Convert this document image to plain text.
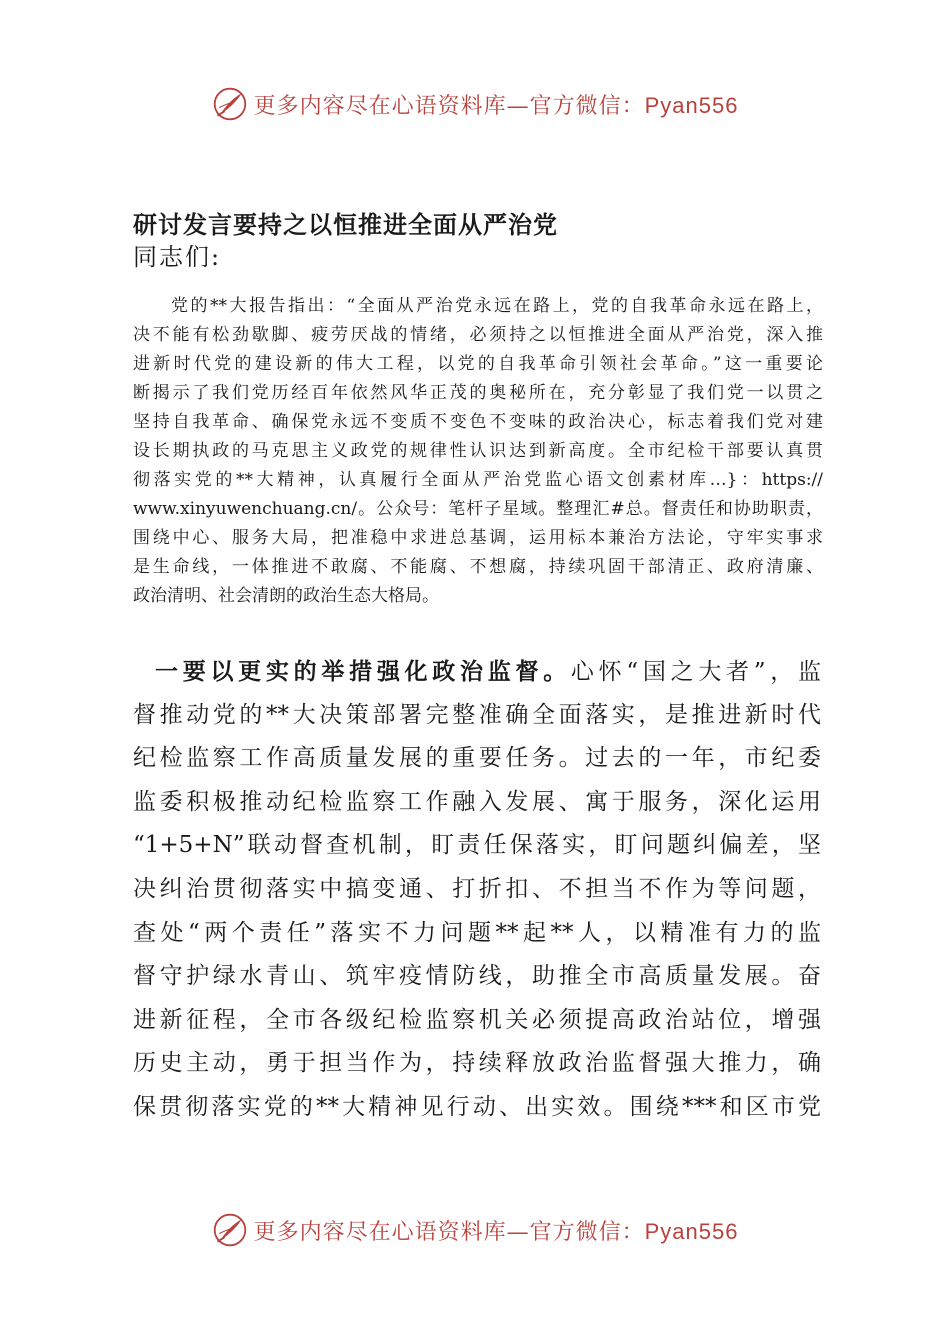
更多内容尽在心语资料库—官方微信：Pyan556
研讨发言要持之以恒推进全面从严治党
同志们:
党的**大报告指出：“全面从严治党永远在路上，党的自我革命永远在路上，
决不能有松劲歇脚、疲劳厌战的情绪，必须持之以恒推进全面从严治党，深入推
进新时代党的建设新的伟大工程，以党的自我革命引领社会革命。”这一重要论
断揭示了我们党历经百年依然风华正茂的奥秘所在，充分彰显了我们党一以贯之
坚持自我革命、确保党永远不变质不变色不变味的政治决心，标志着我们党对建
设长期执政的马克思主义政党的规律性认识达到新高度。全市纪检干部要认真贯
彻落实党的**大精神，认真履行全面从严治党监心语文创素材库…}：https://
www.xinyuwenchuang.cn/。公众号：笔杆子星域。整理汇#总。督责任和协助职责，
围绕中心、服务大局，把准稳中求进总基调，运用标本兼治方法论，守牢实事求
是生命线，一体推进不敢腐、不能腐、不想腐，持续巩固干部清正、政府清廉、
政治清明、社会清朗的政治生态大格局。
一要以更实的举措强化政治监督。心怀“国之大者”，监
督推动党的**大决策部署完整准确全面落实，是推进新时代
纪检监察工作高质量发展的重要任务。过去的一年，市纪委
监委积极推动纪检监察工作融入发展、寓于服务，深化运用
“1+5+N”联动督查机制，盯责任保落实，盯问题纠偏差，坚
决纠治贯彻落实中搞变通、打折扣、不担当不作为等问题，
查处“两个责任”落实不力问题**起**人，以精准有力的监
督守护绿水青山、筑牢疫情防线，助推全市高质量发展。奋
进新征程，全市各级纪检监察机关必须提高政治站位，增强
历史主动，勇于担当作为，持续释放政治监督强大推力，确
保贯彻落实党的**大精神见行动、出实效。围绕***和区市党
更多内容尽在心语资料库—官方微信：Pyan556
